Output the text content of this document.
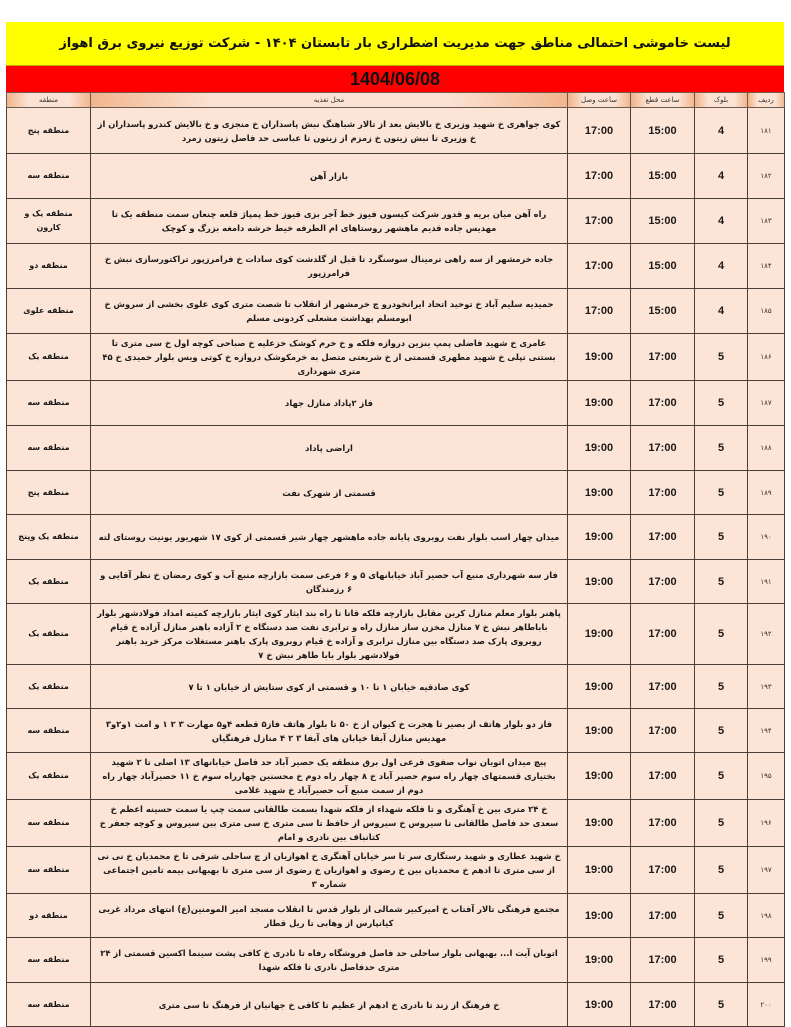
لیست خاموشی احتمالی مناطق جهت مدیریت اضطراری بار تابستان ۱۴۰۴ - شرکت توزیع نیروی برق اهواز
1404/06/08
ردیف	بلوک	ساعت قطع	ساعت وصل	محل تغذیه	منطقه
۱۸۱	4	15:00	17:00	کوی جواهری خ شهید وزیری خ بالایش بعد از تالار شباهنگ نبش پاسداران خ منجزی و خ بالایش کندرو پاسداران از خ وزیری تا نبش زیتون خ زمزم از زیتون تا عباسی حد فاصل زیتون زمرد	منطقه پنج
۱۸۲	4	15:00	17:00	بازار آهن	منطقه سه
۱۸۳	4	15:00	17:00	راه آهن میان بریه و قدور شرکت کیسون فیوز خط آجر بزی فیوز خط پمپاژ قلعه چنعان سمت منطقه یک تا مهدیس جاده قدیم ماهشهر روستاهای ام الطرفه خیط خرشه دامغه بزرگ و کوچک	منطقه یک و کارون
۱۸۴	4	15:00	17:00	جاده خرمشهر از سه راهی ترمینال سوسنگرد تا قبل از گلدشت کوی سادات خ فرامرزپور تراکتورسازی نبش خ فرامرزپور	منطقه دو
۱۸۵	4	15:00	17:00	حمیدیه سلیم آباد خ توحید اتحاد ایرانخودرو چ خرمشهر از انقلاب تا شصت متری کوی علوی بخشی از سروش خ ابومسلم بهداشت مشعلی کردونی مسلم	منطقه علوی
۱۸۶	5	17:00	19:00	عامری خ شهید فاضلی پمپ بنزین دروازه فلکه و خ خرم کوشک خزعلیه خ صباحی کوچه اول خ سی متری تا بستنی تپلی خ شهید مطهری قسمتی از خ شریعتی متصل به خرمکوشک دروازه خ کوتی ویس بلوار حمیدی خ ۴۵ متری شهرداری	منطقه یک
۱۸۷	5	17:00	19:00	فاز ۲پاداد منازل جهاد	منطقه سه
۱۸۸	5	17:00	19:00	اراضی پاداد	منطقه سه
۱۸۹	5	17:00	19:00	قسمتی از شهرک نفت	منطقه پنج
۱۹۰	5	17:00	19:00	میدان چهار اسب بلوار نفت روبروی پایانه جاده ماهشهر چهار شیر قسمتی از کوی ۱۷ شهریور یونیت روستای لته	منطقه یک وپنج
۱۹۱	5	17:00	19:00	فاز سه شهرداری منبع آب حصیر آباد خیابانهای ۵ و ۶ فرعی سمت بازارچه منبع آب و کوی رمضان خ نظر آقایی و ۶ رزمندگان	منطقه یک
۱۹۲	5	17:00	19:00	پاهنر بلوار معلم منازل کربن مقابل بازارچه فلکه قانا تا راه بند ایثار کوی ایثار بازارچه کمیته امداد فولادشهر بلوار باباطاهر نبش خ ۷ منازل مخزن ساز منازل راه و ترابری نفت صد دستگاه خ ۲ آزاده باهنر منازل آزاده خ قیام روبروی پارک صد دستگاه بین منازل ترابری و آزاده خ قیام روبروی پارک باهنر مستغلات مرکز خرید باهنر فولادشهر بلوار بابا طاهر نبش خ ۷	منطقه یک
۱۹۳	5	17:00	19:00	کوی صادقیه خیابان ۱ تا ۱۰ و قسمتی از کوی ستایش از خیابان ۱ تا ۷	منطقه یک
۱۹۴	5	17:00	19:00	فاز دو بلوار هاتف از بصیر تا هجرت خ کیوان از خ ۵۰ تا بلوار هاتف فاز۵ قطعه ۴و۵ مهارت ۳ ۲ ۱ و امت ۱و۲و۳ مهدیس منازل آبفا خیابان های آبفا ۳ ۲ ۴ منازل فرهنگیان	منطقه سه
۱۹۵	5	17:00	19:00	پیچ میدان اتوبان نواب صفوی فرعی اول برق منطقه یک حصیر آباد حد فاصل خیابانهای ۱۳ اصلی تا ۲ شهید بختیاری قسمتهای چهار راه سوم حصیر آباد خ ۸ چهار راه دوم خ محسنین چهارراه سوم خ ۱۱ حصیرآباد چهار راه دوم از سمت منبع آب حصیرآباد خ شهید غلامی	منطقه یک
۱۹۶	5	17:00	19:00	خ ۲۴ متری بین خ آهنگری و تا فلکه شهداء از فلکه شهدا بسمت طالقانی سمت چپ یا سمت حسینه اعظم خ سعدی حد فاصل طالقانی تا سیروس خ سیروس از حافظ تا سی متری خ سی متری بین سیروس و کوچه جعفر خ کتانباف بین نادری و امام	منطقه سه
۱۹۷	5	17:00	19:00	خ شهید عطاری و شهید رستگاری سر تا سر خیابان آهنگری خ اهوازیان از چ ساحلی شرقی تا خ محمدیان خ نی نی از سی متری تا ادهم خ محمدیان بین خ رضوی و اهوازیان خ رضوی از سی متری تا بهبهانی بیمه تامین اجتماعی شماره ۳	منطقه سه
۱۹۸	5	17:00	19:00	مجتمع فرهنگی تالار آفتاب خ امیرکبیر شمالی از بلوار قدس تا انقلاب مسجد امیر المومنین(ع) انتهای مرداد غربی کیانپارس از وهابی تا ریل قطار	منطقه دو
۱۹۹	5	17:00	19:00	اتوبان آیت ا... بهبهانی بلوار ساحلی حد فاصل فروشگاه رفاه تا نادری خ کافی پشت سینما اکسین قسمتی از ۲۴ متری حدفاصل نادری تا فلکه شهدا	منطقه سه
۲۰۰	5	17:00	19:00	خ فرهنگ از زند تا نادری خ ادهم از عظیم تا کافی خ جهانیان از فرهنگ تا سی متری	منطقه سه
